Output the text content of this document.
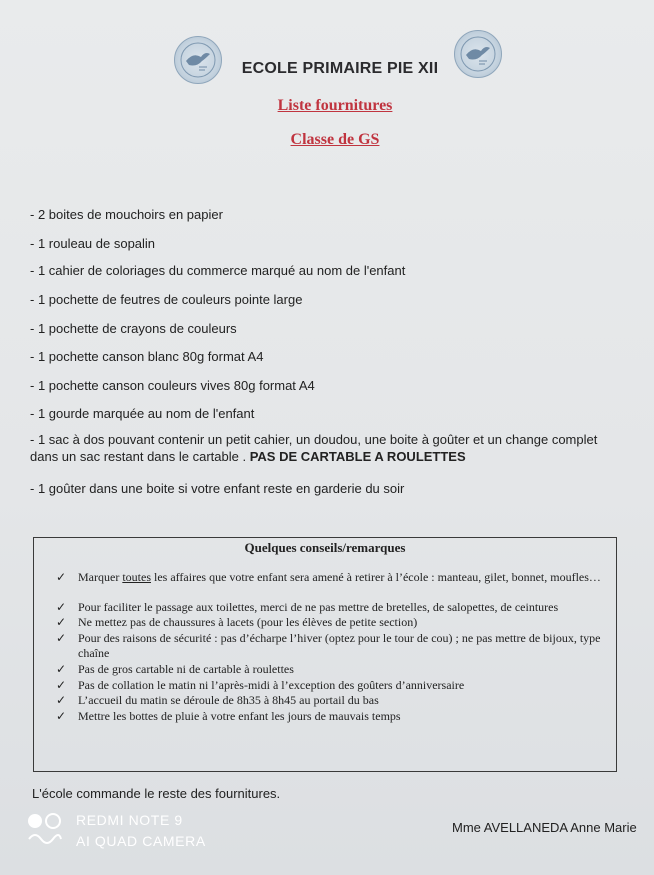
ECOLE PRIMAIRE PIE XII
Liste fournitures
Classe de GS
- 2 boites de mouchoirs en papier
- 1 rouleau de sopalin
- 1 cahier de coloriages du commerce marqué au nom de l'enfant
- 1 pochette de feutres de couleurs pointe large
- 1 pochette de crayons de couleurs
- 1 pochette canson blanc 80g format A4
- 1 pochette canson couleurs vives 80g format A4
- 1 gourde marquée au nom de l'enfant
- 1 sac à dos pouvant contenir un petit cahier, un doudou, une boite à goûter et un change complet dans un sac restant dans le cartable . PAS DE CARTABLE A ROULETTES
- 1 goûter dans une boite si votre enfant reste en garderie du soir
Quelques conseils/remarques
✓ Marquer toutes les affaires que votre enfant sera amené à retirer à l’école : manteau, gilet, bonnet, moufles…
✓ Pour faciliter le passage aux toilettes, merci de ne pas mettre de bretelles, de salopettes, de ceintures
✓ Ne mettez pas de chaussures à lacets (pour les élèves de petite section)
✓ Pour des raisons de sécurité : pas d’écharpe l’hiver (optez pour le tour de cou) ; ne pas mettre de bijoux, type chaîne
✓ Pas de gros cartable ni de cartable à roulettes
✓ Pas de collation le matin ni l’après-midi à l’exception des goûters d’anniversaire
✓ L’accueil du matin se déroule de 8h35 à 8h45 au portail du bas
✓ Mettre les bottes de pluie à votre enfant les jours de mauvais temps
L'école commande le reste des fournitures.
Mme AVELLANEDA Anne Marie
REDMI NOTE 9
AI QUAD CAMERA
